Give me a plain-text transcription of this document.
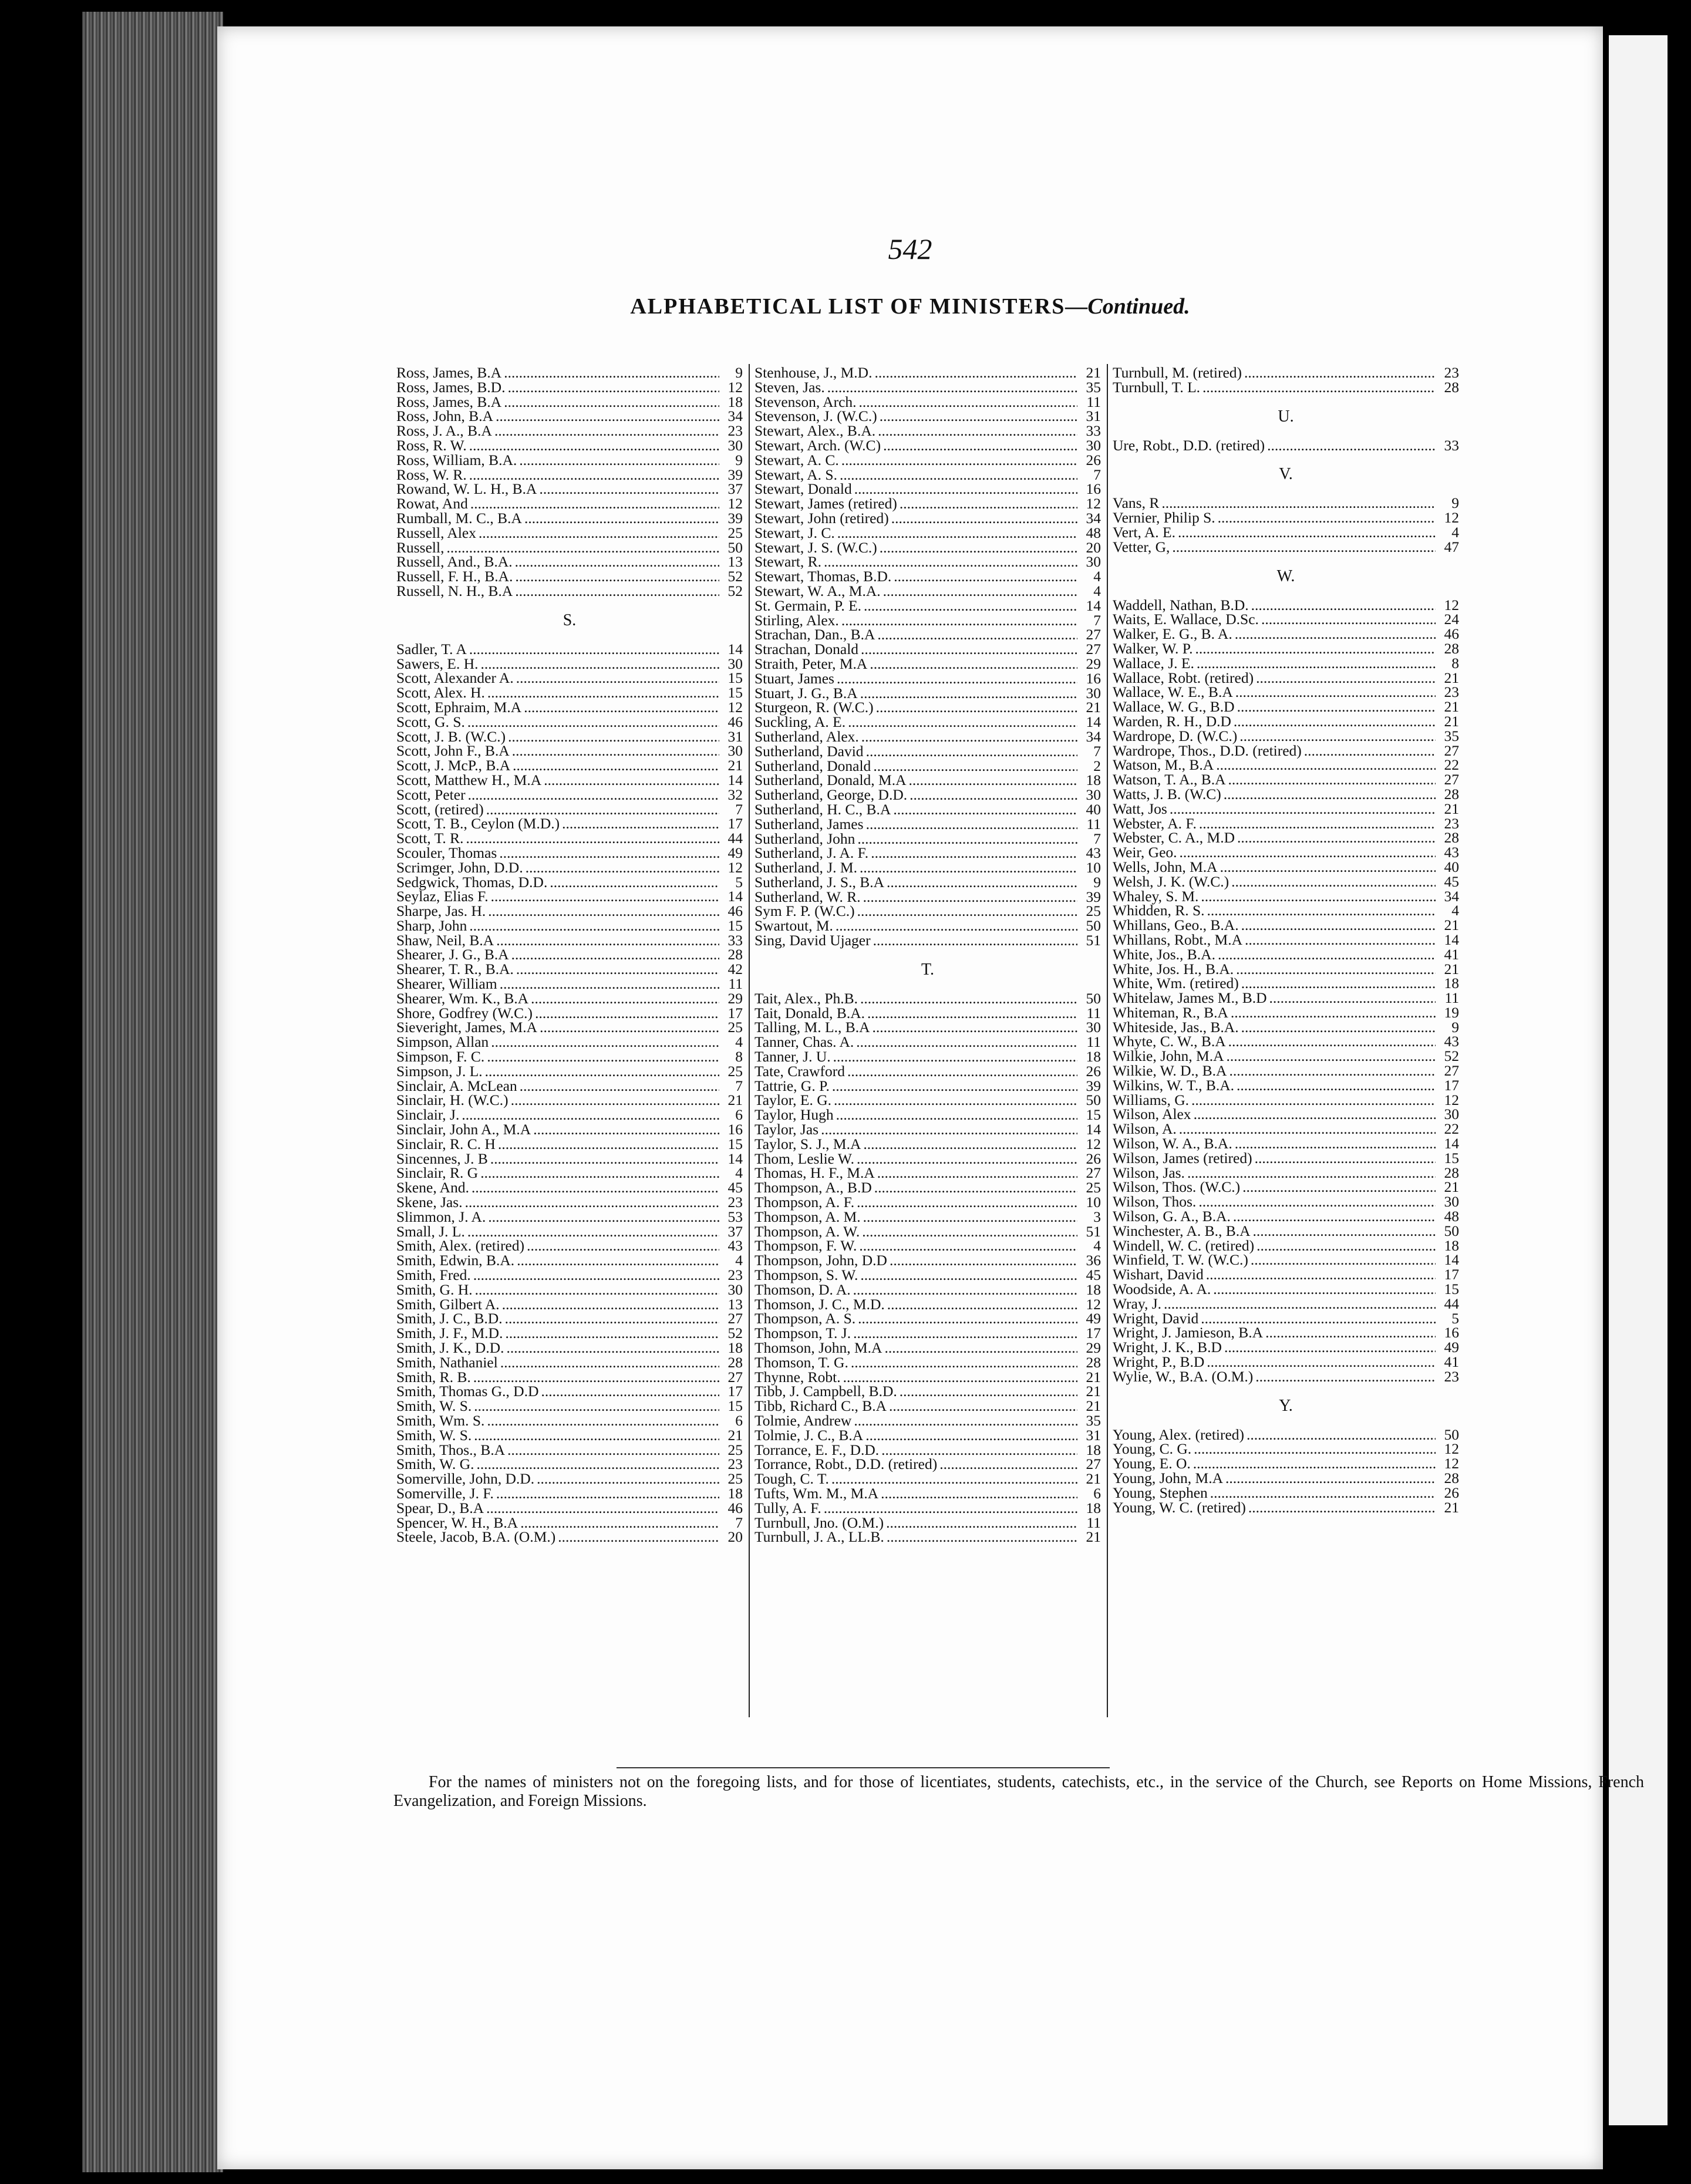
542
ALPHABETICAL LIST OF MINISTERS—Continued.
Ross, James, B.A .....	9
Ross, James, B.D. .....	12
Ross, James, B.A .....	18
Ross, John, B.A .....	34
Ross, J. A., B.A .....	23
Ross, R. W. .....	30
Ross, William, B.A. .....	9
Ross, W. R. .....	39
Rowand, W. L. H., B.A .....	37
Rowat, And .....	12
Rumball, M. C., B.A .....	39
Russell, Alex .....	25
Russell, .....	50
Russell, And., B.A. .....	13
Russell, F. H., B.A. .....	52
Russell, N. H., B.A .....	52
S.
Sadler, T. A .....	14
Sawers, E. H. .....	30
Scott, Alexander A. .....	15
Scott, Alex. H. .....	15
Scott, Ephraim, M.A .....	12
Scott, G. S. .....	46
Scott, J. B. (W.C.) .....	31
Scott, John F., B.A .....	30
Scott, J. McP., B.A .....	21
Scott, Matthew H., M.A .....	14
Scott, Peter .....	32
Scott, (retired) .....	7
Scott, T. B., Ceylon (M.D.) .....	17
Scott, T. R. .....	44
Scouler, Thomas .....	49
Scrimger, John, D.D. .....	12
Sedgwick, Thomas, D.D. .....	5
Seylaz, Elias F. .....	14
Sharpe, Jas. H. .....	46
Sharp, John .....	15
Shaw, Neil, B.A .....	33
Shearer, J. G., B.A .....	28
Shearer, T. R., B.A. .....	42
Shearer, William .....	11
Shearer, Wm. K., B.A .....	29
Shore, Godfrey (W.C.) .....	17
Sieveright, James, M.A .....	25
Simpson, Allan .....	4
Simpson, F. C. .....	8
Simpson, J. L. .....	25
Sinclair, A. McLean .....	7
Sinclair, H. (W.C.) .....	21
Sinclair, J. .....	6
Sinclair, John A., M.A .....	16
Sinclair, R. C. H .....	15
Sincennes, J. B .....	14
Sinclair, R. G .....	4
Skene, And. .....	45
Skene, Jas. .....	23
Slimmon, J. A. .....	53
Small, J. L. .....	37
Smith, Alex. (retired) .....	43
Smith, Edwin, B.A. .....	4
Smith, Fred. .....	23
Smith, G. H. .....	30
Smith, Gilbert A. .....	13
Smith, J. C., B.D. .....	27
Smith, J. F., M.D. .....	52
Smith, J. K., D.D. .....	18
Smith, Nathaniel .....	28
Smith, R. B. .....	27
Smith, Thomas G., D.D .....	17
Smith, W. S. .....	15
Smith, Wm. S. .....	6
Smith, W. S. .....	21
Smith, Thos., B.A .....	25
Smith, W. G. .....	23
Somerville, John, D.D. .....	25
Somerville, J. F. .....	18
Spear, D., B.A .....	46
Spencer, W. H., B.A .....	7
Steele, Jacob, B.A. (O.M.) .....	20
Stenhouse, J., M.D. .....	21
Steven, Jas. .....	35
Stevenson, Arch. .....	11
Stevenson, J. (W.C.) .....	31
Stewart, Alex., B.A. .....	33
Stewart, Arch. (W.C) .....	30
Stewart, A. C. .....	26
Stewart, A. S. .....	7
Stewart, Donald .....	16
Stewart, James (retired) .....	12
Stewart, John (retired) .....	34
Stewart, J. C. .....	48
Stewart, J. S. (W.C.) .....	20
Stewart, R. .....	30
Stewart, Thomas, B.D. .....	4
Stewart, W. A., M.A. .....	4
St. Germain, P. E. .....	14
Stirling, Alex. .....	7
Strachan, Dan., B.A .....	27
Strachan, Donald .....	27
Straith, Peter, M.A .....	29
Stuart, James .....	16
Stuart, J. G., B.A .....	30
Sturgeon, R. (W.C.) .....	21
Suckling, A. E. .....	14
Sutherland, Alex. .....	34
Sutherland, David .....	7
Sutherland, Donald .....	2
Sutherland, Donald, M.A .....	18
Sutherland, George, D.D. .....	30
Sutherland, H. C., B.A .....	40
Sutherland, James .....	11
Sutherland, John .....	7
Sutherland, J. A. F. .....	43
Sutherland, J. M. .....	10
Sutherland, J. S., B.A .....	9
Sutherland, W. R. .....	39
Sym F. P. (W.C.) .....	25
Swartout, M. .....	50
Sing, David Ujager .....	51
T.
Tait, Alex., Ph.B. .....	50
Tait, Donald, B.A. .....	11
Talling, M. L., B.A .....	30
Tanner, Chas. A. .....	11
Tanner, J. U. .....	18
Tate, Crawford .....	26
Tattrie, G. P. .....	39
Taylor, E. G. .....	50
Taylor, Hugh .....	15
Taylor, Jas .....	14
Taylor, S. J., M.A .....	12
Thom, Leslie W. .....	26
Thomas, H. F., M.A .....	27
Thompson, A., B.D .....	25
Thompson, A. F. .....	10
Thompson, A. M. .....	3
Thompson, A. W. .....	51
Thompson, F. W. .....	4
Thompson, John, D.D .....	36
Thompson, S. W. .....	45
Thomson, D. A. .....	18
Thomson, J. C., M.D. .....	12
Thompson, A. S. .....	49
Thompson, T. J. .....	17
Thomson, John, M.A .....	29
Thomson, T. G. .....	28
Thynne, Robt. .....	21
Tibb, J. Campbell, B.D. .....	21
Tibb, Richard C., B.A .....	21
Tolmie, Andrew .....	35
Tolmie, J. C., B.A .....	31
Torrance, E. F., D.D. .....	18
Torrance, Robt., D.D. (retired) .....	27
Tough, C. T. .....	21
Tufts, Wm. M., M.A .....	6
Tully, A. F. .....	18
Turnbull, Jno. (O.M.) .....	11
Turnbull, J. A., LL.B. .....	21
Turnbull, M. (retired) .....	23
Turnbull, T. L. .....	28
U.
Ure, Robt., D.D. (retired) .....	33
V.
Vans, R .....	9
Vernier, Philip S. .....	12
Vert, A. E. .....	4
Vetter, G, .....	47
W.
Waddell, Nathan, B.D. .....	12
Waits, E. Wallace, D.Sc. .....	24
Walker, E. G., B. A. .....	46
Walker, W. P. .....	28
Wallace, J. E. .....	8
Wallace, Robt. (retired) .....	21
Wallace, W. E., B.A .....	23
Wallace, W. G., B.D .....	21
Warden, R. H., D.D .....	21
Wardrope, D. (W.C.) .....	35
Wardrope, Thos., D.D. (retired) .....	27
Watson, M., B.A .....	22
Watson, T. A., B.A .....	27
Watts, J. B. (W.C) .....	28
Watt, Jos .....	21
Webster, A. F. .....	23
Webster, C. A., M.D .....	28
Weir, Geo. .....	43
Wells, John, M.A .....	40
Welsh, J. K. (W.C.) .....	45
Whaley, S. M. .....	34
Whidden, R. S. .....	4
Whillans, Geo., B.A. .....	21
Whillans, Robt., M.A .....	14
White, Jos., B.A. .....	41
White, Jos. H., B.A. .....	21
White, Wm. (retired) .....	18
Whitelaw, James M., B.D .....	11
Whiteman, R., B.A .....	19
Whiteside, Jas., B.A. .....	9
Whyte, C. W., B.A .....	43
Wilkie, John, M.A .....	52
Wilkie, W. D., B.A .....	27
Wilkins, W. T., B.A. .....	17
Williams, G. .....	12
Wilson, Alex .....	30
Wilson, A. .....	22
Wilson, W. A., B.A. .....	14
Wilson, James (retired) .....	15
Wilson, Jas. .....	28
Wilson, Thos. (W.C.) .....	21
Wilson, Thos. .....	30
Wilson, G. A., B.A. .....	48
Winchester, A. B., B.A .....	50
Windell, W. C. (retired) .....	18
Winfield, T. W. (W.C.) .....	14
Wishart, David .....	17
Woodside, A. A. .....	15
Wray, J. .....	44
Wright, David .....	5
Wright, J. Jamieson, B.A .....	16
Wright, J. K., B.D .....	49
Wright, P., B.D .....	41
Wylie, W., B.A. (O.M.) .....	23
Y.
Young, Alex. (retired) .....	50
Young, C. G. .....	12
Young, E. O. .....	12
Young, John, M.A .....	28
Young, Stephen .....	26
Young, W. C. (retired) .....	21
For the names of ministers not on the foregoing lists, and for those of licentiates, students, catechists, etc., in the service of the Church, see Reports on Home Missions, French Evangelization, and Foreign Missions.
